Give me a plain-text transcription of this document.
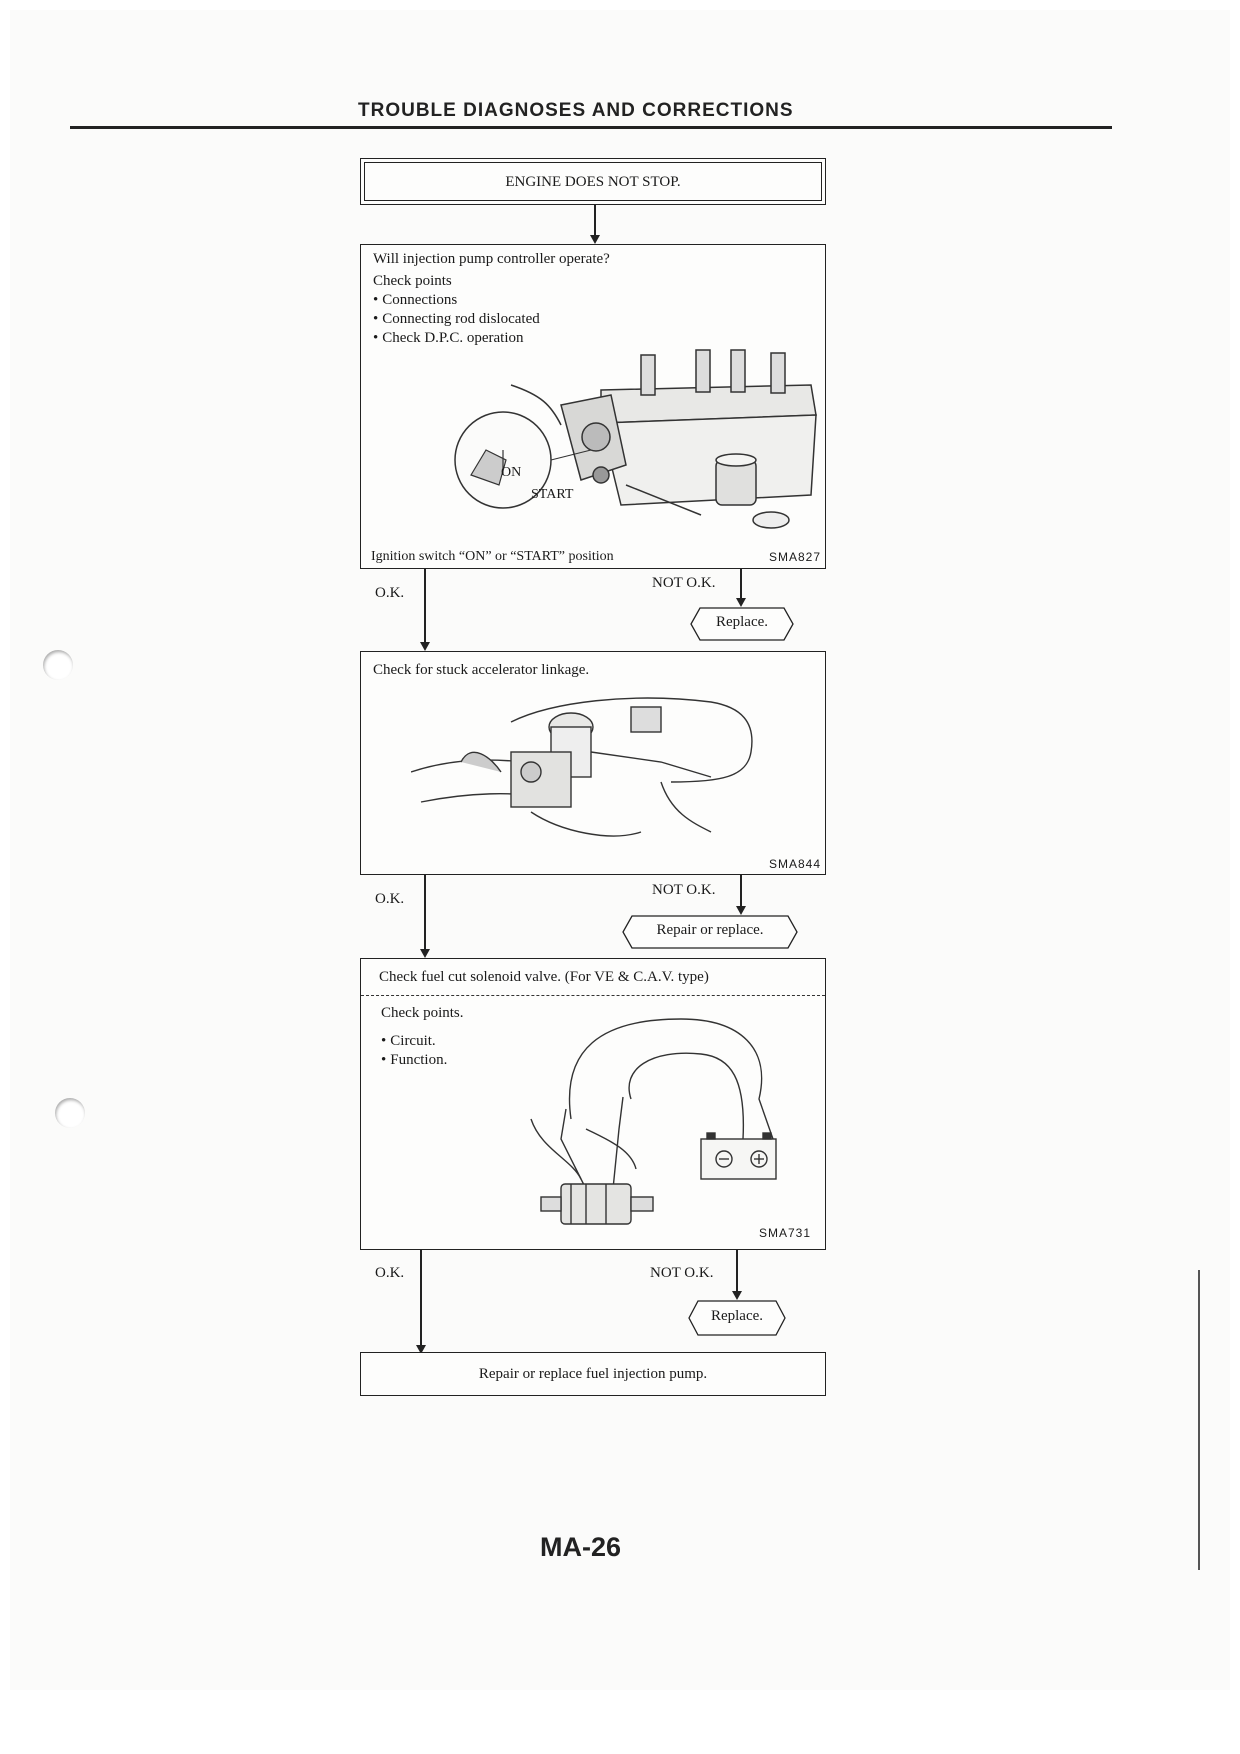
TROUBLE DIAGNOSES AND CORRECTIONS
ENGINE DOES NOT STOP.
Will injection pump controller operate?
Check points
• Connections
• Connecting rod dislocated
• Check D.P.C. operation
ON
START
Ignition switch “ON” or “START” position	SMA827
O.K.
NOT O.K.
Replace.
Check for stuck accelerator linkage.
SMA844
O.K.
NOT O.K.
Repair or replace.
Check fuel cut solenoid valve. (For VE & C.A.V. type)
Check points.
• Circuit.
• Function.
SMA731
O.K.	NOT O.K.
Replace.
Repair or replace fuel injection pump.
MA-26
